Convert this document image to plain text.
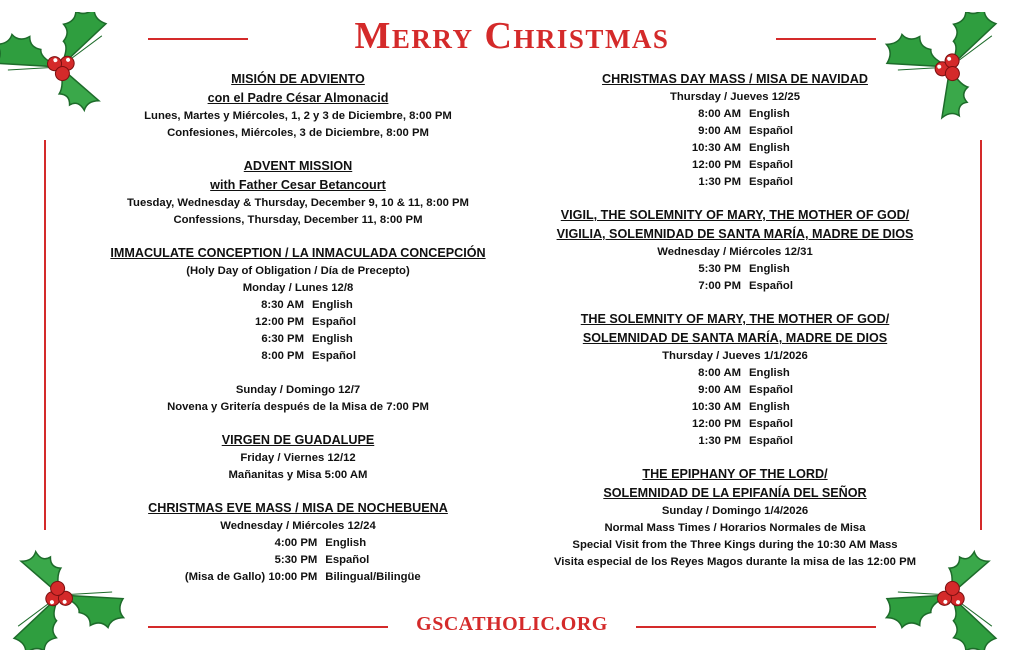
Merry Christmas
MISIÓN DE ADVIENTO
con el Padre César Almonacid
Lunes, Martes y Miércoles, 1, 2 y 3 de Diciembre, 8:00 PM
Confesiones, Miércoles, 3 de Diciembre, 8:00 PM
ADVENT MISSION
with Father Cesar Betancourt
Tuesday, Wednesday & Thursday, December 9, 10 & 11, 8:00 PM
Confessions, Thursday, December 11, 8:00 PM
IMMACULATE CONCEPTION / LA INMACULADA CONCEPCIÓN
(Holy Day of Obligation / Día de Precepto)
Monday / Lunes 12/8
8:30 AM English
12:00 PM Español
6:30 PM English
8:00 PM Español
Sunday / Domingo 12/7
Novena y Gritería después de la Misa de 7:00 PM
VIRGEN DE GUADALUPE
Friday / Viernes 12/12
Mañanitas y Misa 5:00 AM
CHRISTMAS EVE MASS / MISA DE NOCHEBUENA
Wednesday / Miércoles 12/24
4:00 PM English
5:30 PM Español
(Misa de Gallo) 10:00 PM Bilingual/Bilingüe
CHRISTMAS DAY MASS / MISA DE NAVIDAD
Thursday / Jueves 12/25
8:00 AM English
9:00 AM Español
10:30 AM English
12:00 PM Español
1:30 PM Español
VIGIL, THE SOLEMNITY OF MARY, THE MOTHER OF GOD/
VIGILIA, SOLEMNIDAD DE SANTA MARÍA, MADRE DE DIOS
Wednesday / Miércoles 12/31
5:30 PM English
7:00 PM Español
THE SOLEMNITY OF MARY, THE MOTHER OF GOD/
SOLEMNIDAD DE SANTA MARÍA, MADRE DE DIOS
Thursday / Jueves 1/1/2026
8:00 AM English
9:00 AM Español
10:30 AM English
12:00 PM Español
1:30 PM Español
THE EPIPHANY OF THE LORD/
SOLEMNIDAD DE LA EPIFANÍA DEL SEÑOR
Sunday / Domingo 1/4/2026
Normal Mass Times / Horarios Normales de Misa
Special Visit from the Three Kings during the 10:30 AM Mass
Visita especial de los Reyes Magos durante la misa de las 12:00 PM
GSCATHOLIC.ORG
